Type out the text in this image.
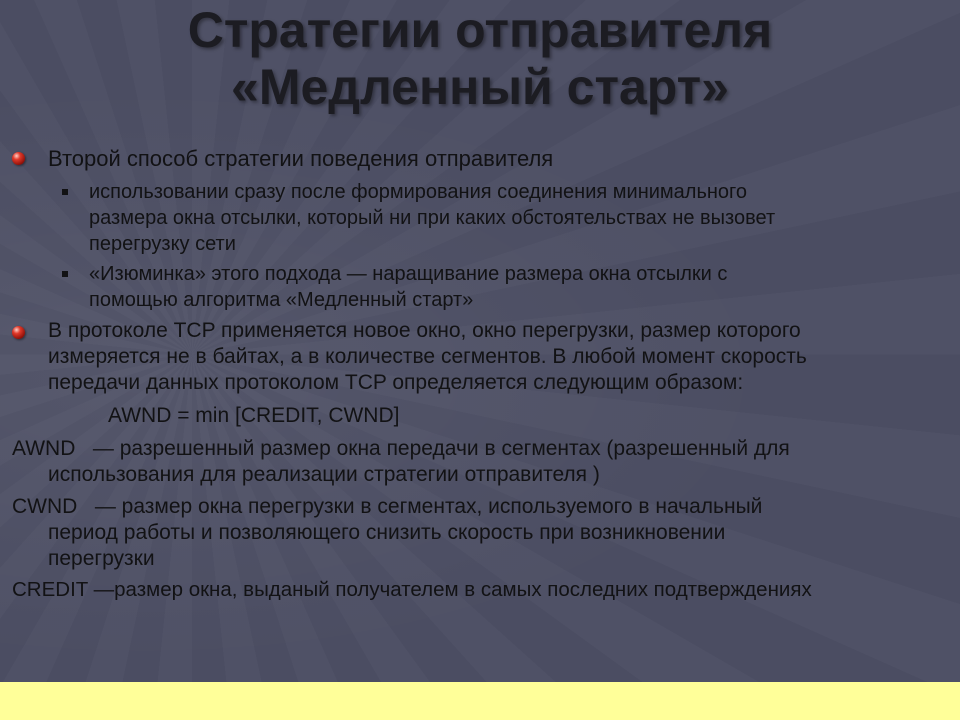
Стратегии отправителя
«Медленный старт»
Второй способ стратегии поведения отправителя
использовании сразу после формирования соединения минимального
размера окна отсылки, который ни при каких обстоятельствах не вызовет
перегрузку сети
«Изюминка» этого подхода — наращивание размера окна отсылки с
помощью алгоритма «Медленный старт»
В протоколе TCP применяется новое окно, окно перегрузки, размер которого
измеряется не в байтах, а в количестве сегментов. В любой момент скорость
передачи данных протоколом TCP определяется следующим образом:
AWND = min [CREDIT, CWND]
AWND   — разрешенный размер окна передачи в сегментах (разрешенный для
использования для реализации стратегии отправителя )
CWND   — размер окна перегрузки в сегментах, используемого в начальный
период работы и позволяющего снизить скорость при возникновении
перегрузки
CREDIT —размер окна, выданый получателем в самых последних подтверждениях
